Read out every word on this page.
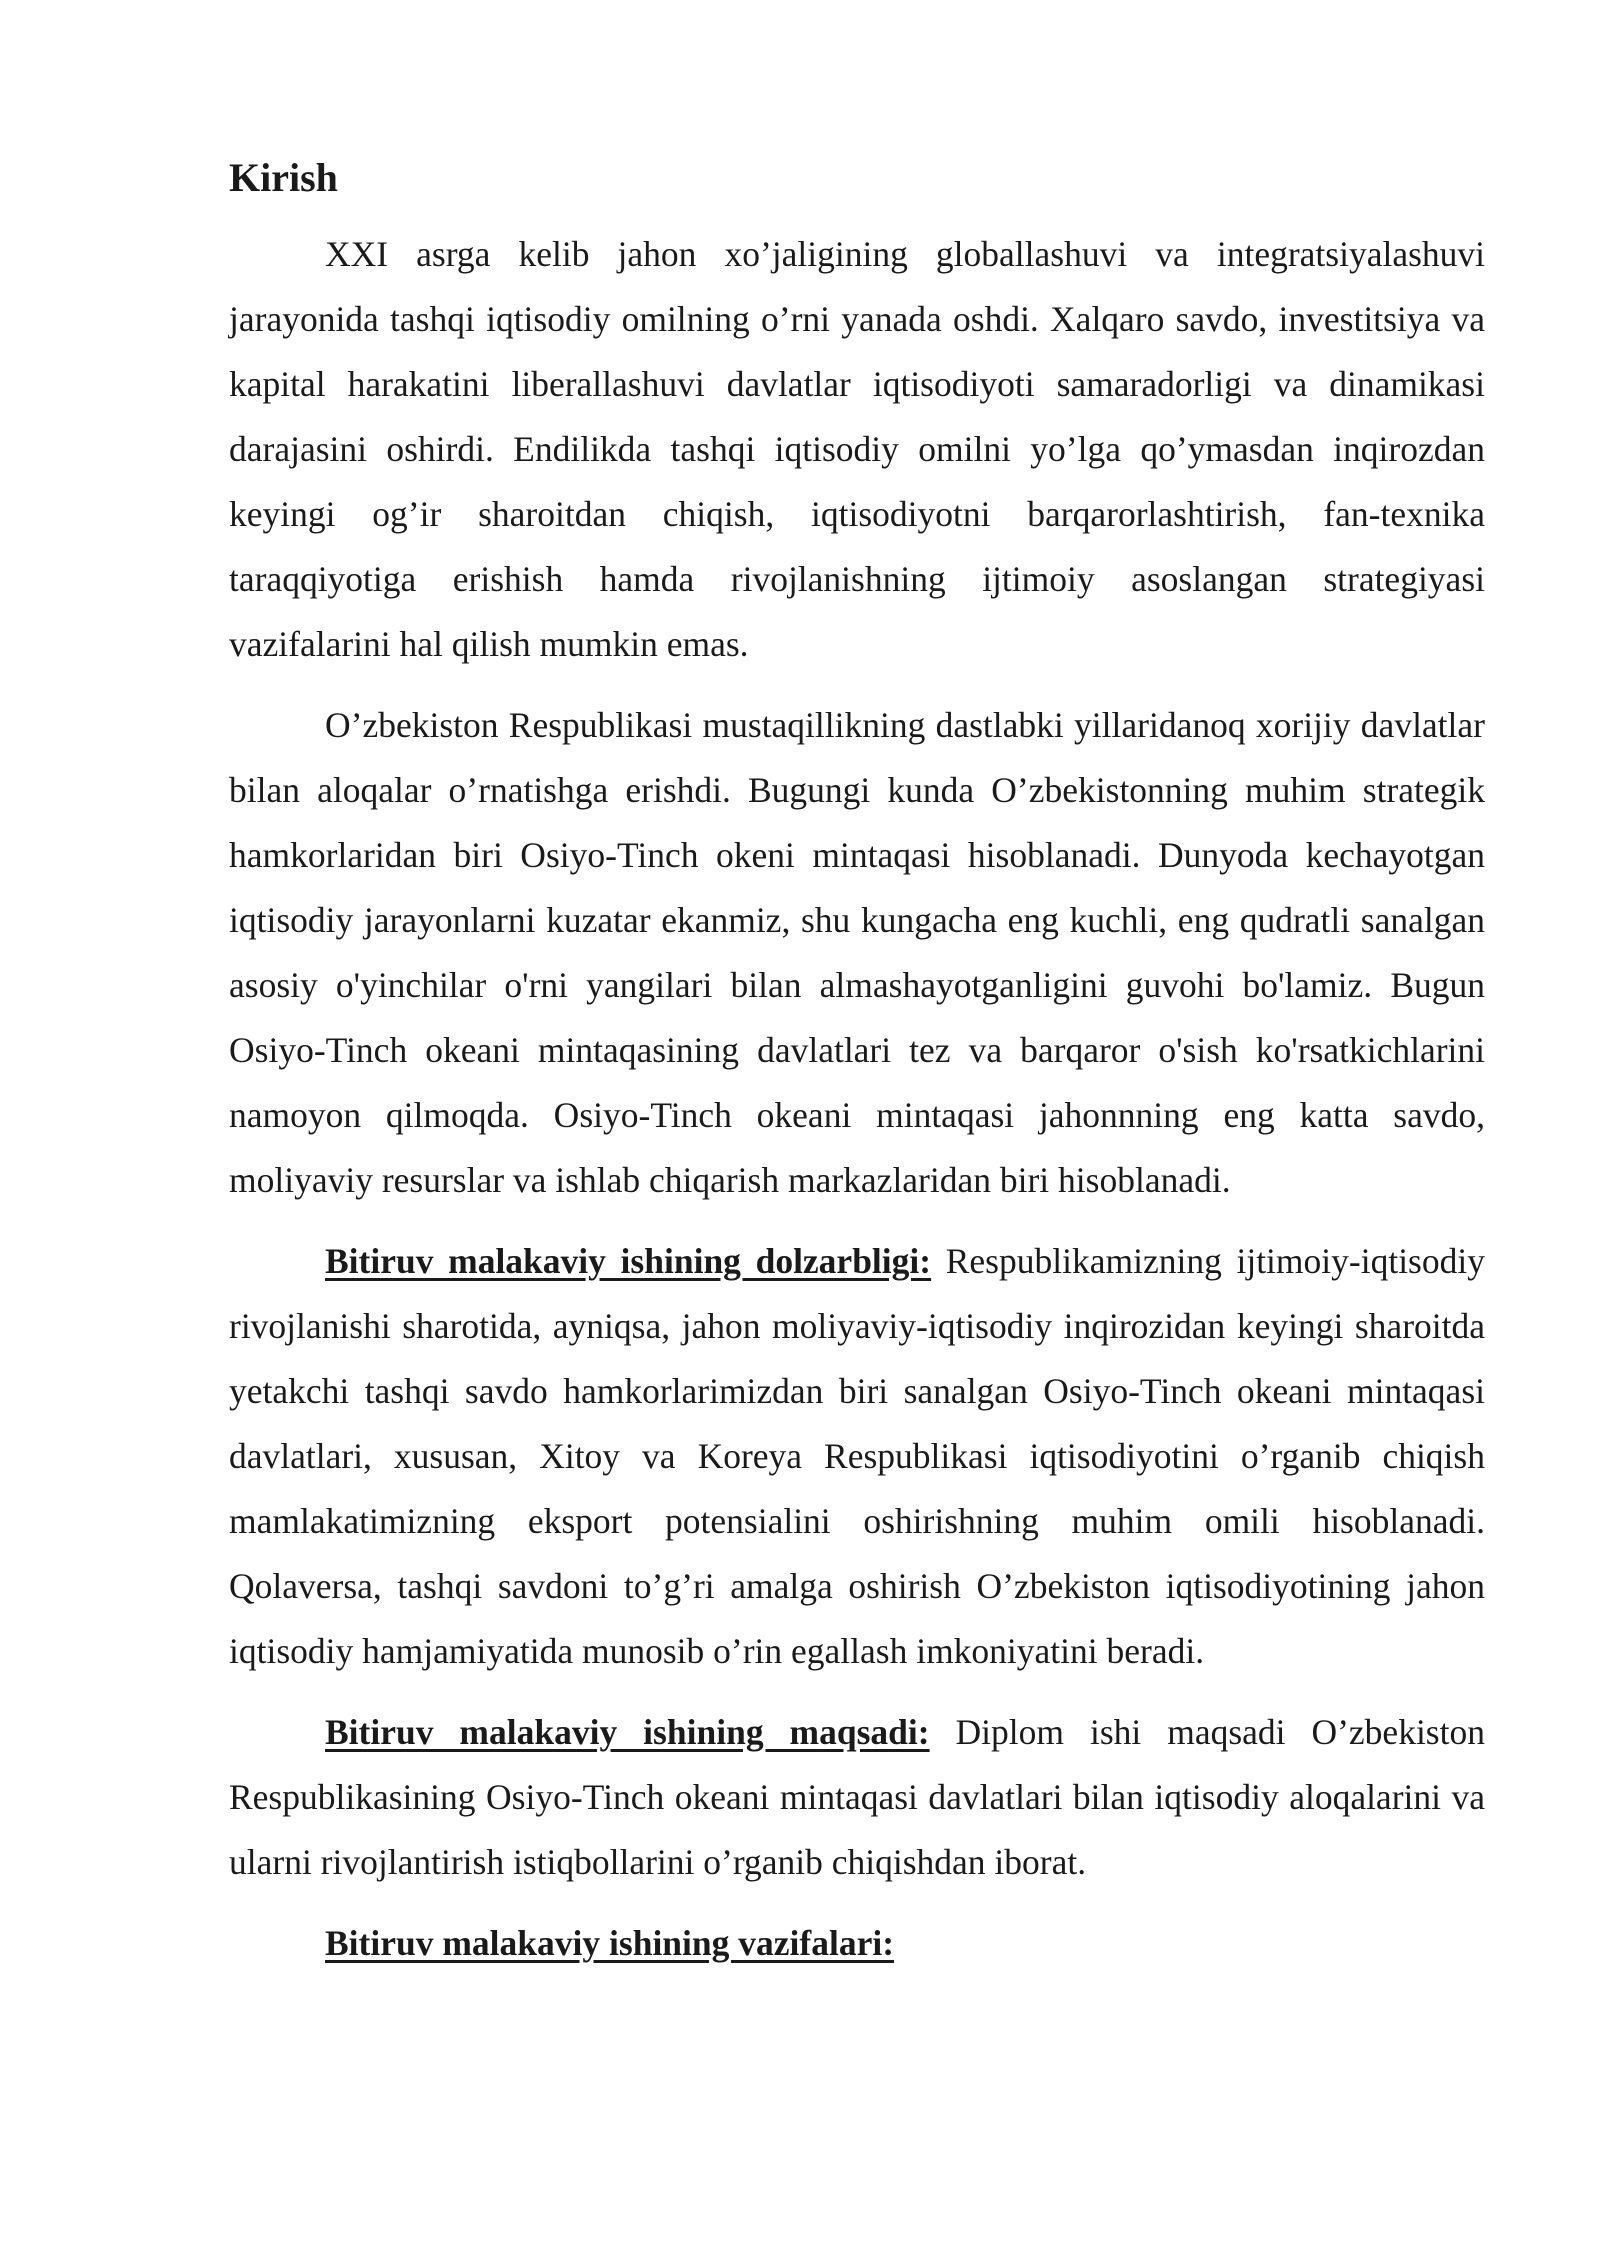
Kirish

XXI asrga kelib jahon xo’jaligining globallashuvi va integratsiyalashuvi jarayonida tashqi iqtisodiy omilning o’rni yanada oshdi. Xalqaro savdo, investitsiya va kapital harakatini liberallashuvi davlatlar iqtisodiyoti samaradorligi va dinamikasi darajasini oshirdi. Endilikda tashqi iqtisodiy omilni yo’lga qo’ymasdan inqirozdan keyingi og’ir sharoitdan chiqish, iqtisodiyotni barqarorlashtirish, fan-texnika taraqqiyotiga erishish hamda rivojlanishning ijtimoiy asoslangan strategiyasi vazifalarini hal qilish mumkin emas.

O’zbekiston Respublikasi mustaqillikning dastlabki yillaridanoq xorijiy davlatlar bilan aloqalar o’rnatishga erishdi. Bugungi kunda O’zbekistonning muhim strategik hamkorlaridan biri Osiyo-Tinch okeni mintaqasi hisoblanadi. Dunyoda kechayotgan iqtisodiy jarayonlarni kuzatar ekanmiz, shu kungacha eng kuchli, eng qudratli sanalgan asosiy o'yinchilar o'rni yangilari bilan almashayotganligini guvohi bo'lamiz. Bugun Osiyo-Tinch okeani mintaqasining davlatlari tez va barqaror o'sish ko'rsatkichlarini namoyon qilmoqda. Osiyo-Tinch okeani mintaqasi jahonnning eng katta savdo, moliyaviy resurslar va ishlab chiqarish markazlaridan biri hisoblanadi.

Bitiruv malakaviy ishining dolzarbligi: Respublikamizning ijtimoiy-iqtisodiy rivojlanishi sharotida, ayniqsa, jahon moliyaviy-iqtisodiy inqirozidan keyingi sharoitda yetakchi tashqi savdo hamkorlarimizdan biri sanalgan Osiyo-Tinch okeani mintaqasi davlatlari, xususan, Xitoy va Koreya Respublikasi iqtisodiyotini o’rganib chiqish mamlakatimizning eksport potensialini oshirishning muhim omili hisoblanadi. Qolaversa, tashqi savdoni to’g’ri amalga oshirish O’zbekiston iqtisodiyotining jahon iqtisodiy hamjamiyatida munosib o’rin egallash imkoniyatini beradi.

Bitiruv malakaviy ishining maqsadi: Diplom ishi maqsadi O’zbekiston Respublikasining Osiyo-Tinch okeani mintaqasi davlatlari bilan iqtisodiy aloqalarini va ularni rivojlantirish istiqbollarini o’rganib chiqishdan iborat.

Bitiruv malakaviy ishining vazifalari:
